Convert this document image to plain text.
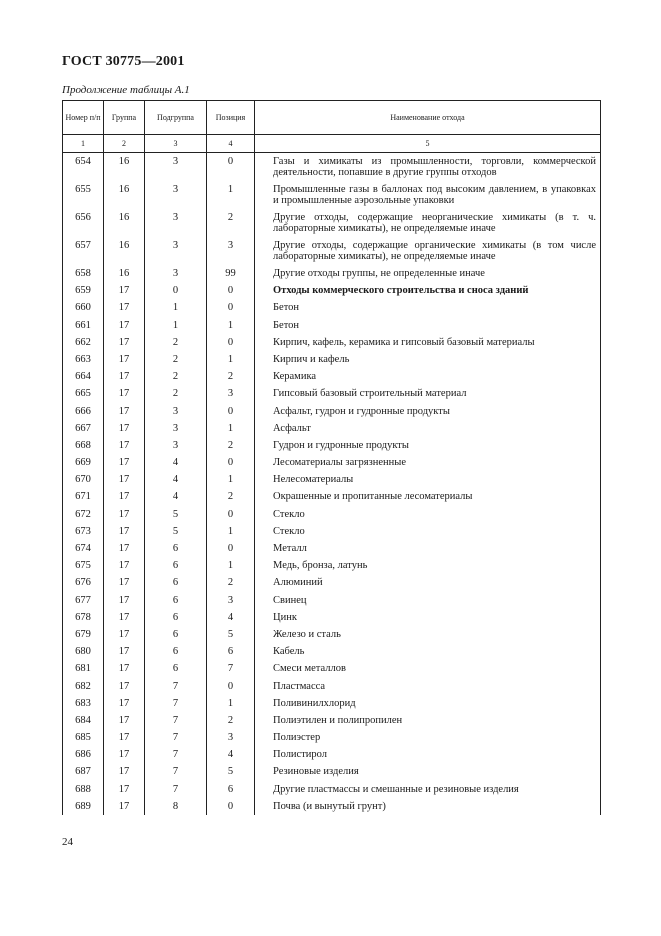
ГОСТ 30775—2001
Продолжение таблицы А.1
Номер п/п	Группа	Подгруппа	Позиция	Наименование отхода
1	2	3	4	5
654	16	3	0	Газы и химикаты из промышленности, торговли, коммерческой деятельности, попавшие в другие группы отходов
655	16	3	1	Промышленные газы в баллонах под высоким давлением, в упаковках и промышленные аэрозольные упаковки
656	16	3	2	Другие отходы, содержащие неорганические химикаты (в т. ч. лабораторные химикаты), не определяемые иначе
657	16	3	3	Другие отходы, содержащие органические химикаты (в том числе лабораторные химикаты), не определяемые иначе
658	16	3	99	Другие отходы группы, не определенные иначе
659	17	0	0	Отходы коммерческого строительства и сноса зданий
660	17	1	0	Бетон
661	17	1	1	Бетон
662	17	2	0	Кирпич, кафель, керамика и гипсовый базовый материалы
663	17	2	1	Кирпич и кафель
664	17	2	2	Керамика
665	17	2	3	Гипсовый базовый строительный материал
666	17	3	0	Асфальт, гудрон и гудронные продукты
667	17	3	1	Асфальт
668	17	3	2	Гудрон и гудронные продукты
669	17	4	0	Лесоматериалы загрязненные
670	17	4	1	Нелесоматериалы
671	17	4	2	Окрашенные и пропитанные лесоматериалы
672	17	5	0	Стекло
673	17	5	1	Стекло
674	17	6	0	Металл
675	17	6	1	Медь, бронза, латунь
676	17	6	2	Алюминий
677	17	6	3	Свинец
678	17	6	4	Цинк
679	17	6	5	Железо и сталь
680	17	6	6	Кабель
681	17	6	7	Смеси металлов
682	17	7	0	Пластмасса
683	17	7	1	Поливинилхлорид
684	17	7	2	Полиэтилен и полипропилен
685	17	7	3	Полиэстер
686	17	7	4	Полистирол
687	17	7	5	Резиновые изделия
688	17	7	6	Другие пластмассы и смешанные и резиновые изделия
689	17	8	0	Почва (и вынутый грунт)
24
